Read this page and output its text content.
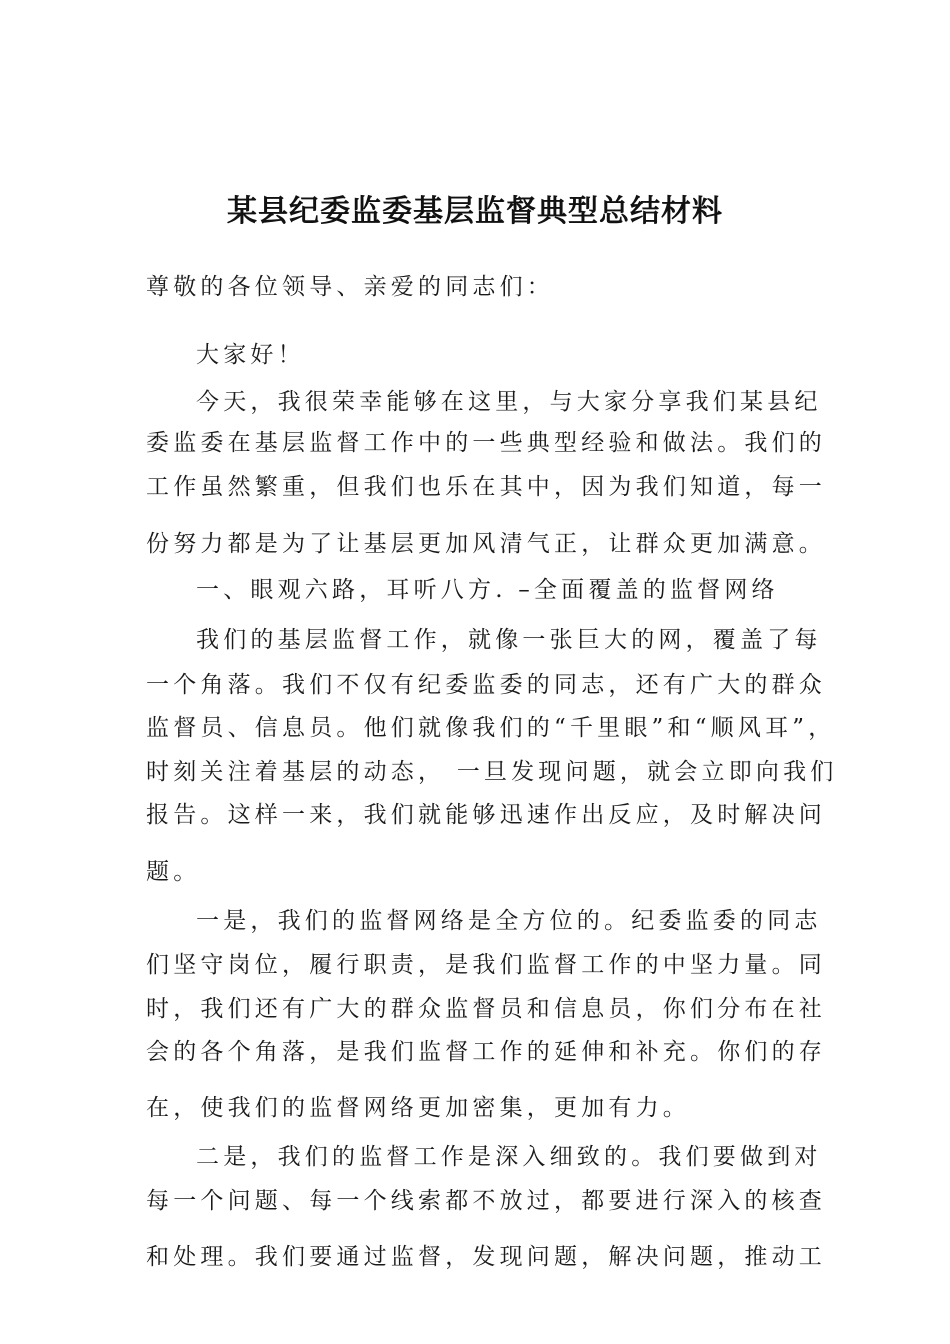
某县纪委监委基层监督典型总结材料
尊敬的各位领导、亲爱的同志们：
大家好！
今天，我很荣幸能够在这里，与大家分享我们某县纪
委监委在基层监督工作中的一些典型经验和做法。我们的
工作虽然繁重，但我们也乐在其中，因为我们知道，每一
份努力都是为了让基层更加风清气正，让群众更加满意。
一、眼观六路，耳听八方. –全面覆盖的监督网络
我们的基层监督工作，就像一张巨大的网，覆盖了每
一个角落。我们不仅有纪委监委的同志，还有广大的群众
监督员、信息员。他们就像我们的“千里眼”和“顺风耳”，
时刻关注着基层的动态， 一旦发现问题，就会立即向我们
报告。这样一来，我们就能够迅速作出反应，及时解决问
题。
一是，我们的监督网络是全方位的。纪委监委的同志
们坚守岗位，履行职责，是我们监督工作的中坚力量。同
时，我们还有广大的群众监督员和信息员，你们分布在社
会的各个角落，是我们监督工作的延伸和补充。你们的存
在，使我们的监督网络更加密集，更加有力。
二是，我们的监督工作是深入细致的。我们要做到对
每一个问题、每一个线索都不放过，都要进行深入的核查
和处理。我们要通过监督，发现问题，解决问题，推动工
